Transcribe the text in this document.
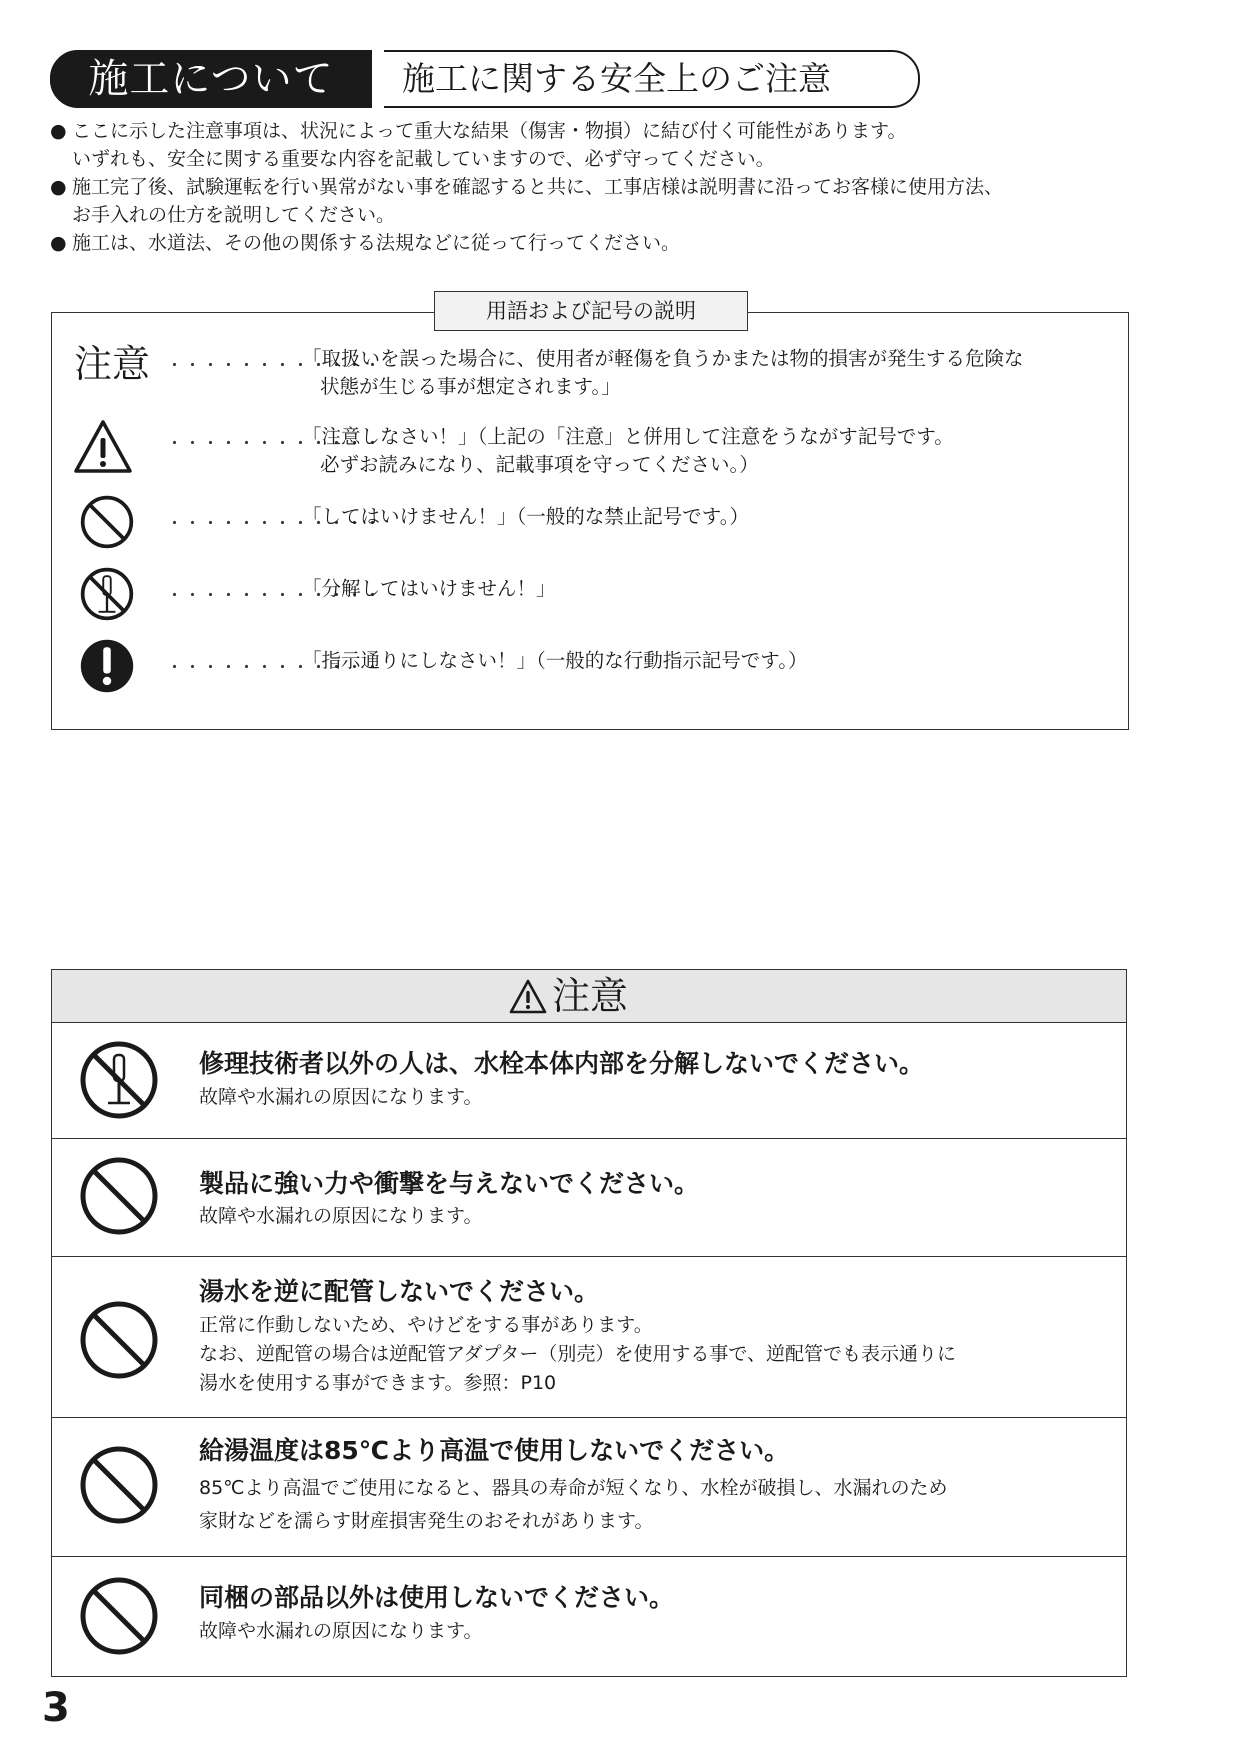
施工について	施工に関する安全上のご注意

● ここに示した注意事項は、状況によって重大な結果（傷害・物損）に結び付く可能性があります。
いずれも、安全に関する重要な内容を記載していますので、必ず守ってください。

● 施工完了後、試験運転を行い異常がない事を確認すると共に、工事店様は説明書に沿ってお客様に使用方法、
お手入れの仕方を説明してください。

● 施工は、水道法、その他の関係する法規などに従って行ってください。

用語および記号の説明
注意 ・・・・・・・・・・・・
「取扱いを誤った場合に、使用者が軽傷を負うかまたは物的損害が発生する危険な
状態が生じる事が想定されます。」
・・・・・・・・・・・・
「注意しなさい！」（上記の「注意」と併用して注意をうながす記号です。
必ずお読みになり、記載事項を守ってください。）
・・・・・・・・・・・・
「してはいけません！」（一般的な禁止記号です。）
・・・・・・・・・・・・
「分解してはいけません！」
・・・・・・・・・・・・
「指示通りにしなさい！」（一般的な行動指示記号です。）
注意
修理技術者以外の人は、水栓本体内部を分解しないでください。
故障や水漏れの原因になります。
製品に強い力や衝撃を与えないでください。
故障や水漏れの原因になります。
湯水を逆に配管しないでください。
正常に作動しないため、やけどをする事があります。
なお、逆配管の場合は逆配管アダプター（別売）を使用する事で、逆配管でも表示通りに
湯水を使用する事ができます。参照：P10
給湯温度は85℃より高温で使用しないでください。
85℃より高温でご使用になると、器具の寿命が短くなり、水栓が破損し、水漏れのため
家財などを濡らす財産損害発生のおそれがあります。
同梱の部品以外は使用しないでください。
故障や水漏れの原因になります。
3
